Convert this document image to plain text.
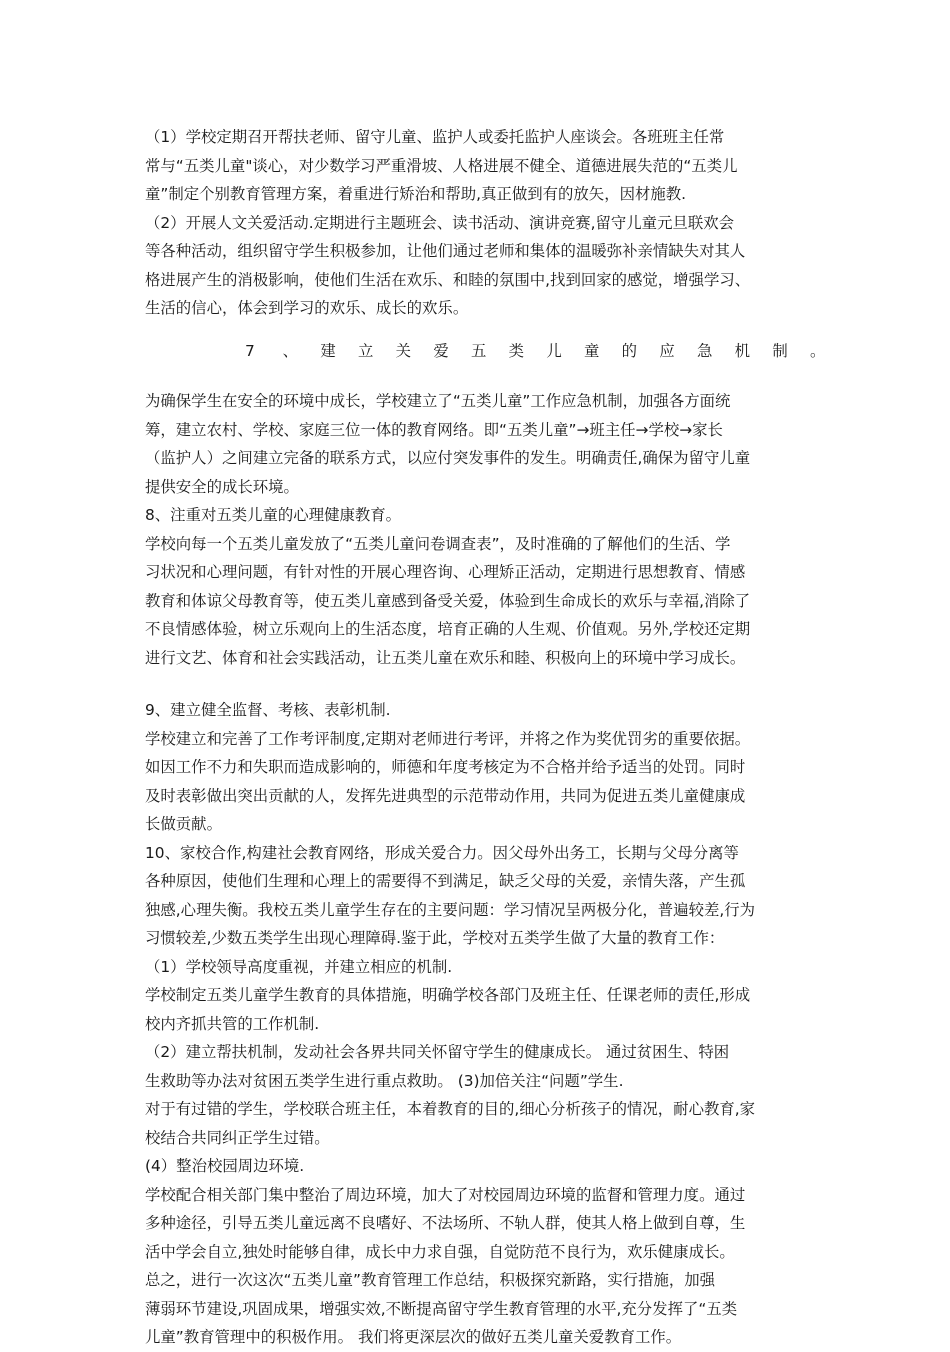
（1）学校定期召开帮扶老师、留守儿童、监护人或委托监护人座谈会。各班班主任常
常与“五类儿童"谈心，对少数学习严重滑坡、人格进展不健全、道德进展失范的“五类儿
童”制定个别教育管理方案，着重进行矫治和帮助,真正做到有的放矢，因材施教.
（2）开展人文关爱活动.定期进行主题班会、读书活动、演讲竞赛,留守儿童元旦联欢会
等各种活动，组织留守学生积极参加，让他们通过老师和集体的温暖弥补亲情缺失对其人
格进展产生的消极影响，使他们生活在欢乐、和睦的氛围中,找到回家的感觉，增强学习、
生活的信心，体会到学习的欢乐、成长的欢乐。
7 、 建 立 关 爱 五 类 儿 童 的 应 急 机 制 。
为确保学生在安全的环境中成长，学校建立了“五类儿童”工作应急机制，加强各方面统
筹，建立农村、学校、家庭三位一体的教育网络。即“五类儿童”→班主任→学校→家长
（监护人）之间建立完备的联系方式，以应付突发事件的发生。明确责任,确保为留守儿童
提供安全的成长环境。
8、注重对五类儿童的心理健康教育。
学校向每一个五类儿童发放了“五类儿童问卷调查表”，及时准确的了解他们的生活、学
习状况和心理问题，有针对性的开展心理咨询、心理矫正活动，定期进行思想教育、情感
教育和体谅父母教育等，使五类儿童感到备受关爱，体验到生命成长的欢乐与幸福,消除了
不良情感体验，树立乐观向上的生活态度，培育正确的人生观、价值观。另外,学校还定期
进行文艺、体育和社会实践活动，让五类儿童在欢乐和睦、积极向上的环境中学习成长。
9、建立健全监督、考核、表彰机制.
学校建立和完善了工作考评制度,定期对老师进行考评，并将之作为奖优罚劣的重要依据。
如因工作不力和失职而造成影响的，师德和年度考核定为不合格并给予适当的处罚。同时
及时表彰做出突出贡献的人，发挥先进典型的示范带动作用，共同为促进五类儿童健康成
长做贡献。
10、家校合作,构建社会教育网络，形成关爱合力。因父母外出务工，长期与父母分离等
各种原因，使他们生理和心理上的需要得不到满足，缺乏父母的关爱，亲情失落，产生孤
独感,心理失衡。我校五类儿童学生存在的主要问题：学习情况呈两极分化，普遍较差,行为
习惯较差,少数五类学生出现心理障碍.鉴于此，学校对五类学生做了大量的教育工作：
（1）学校领导高度重视，并建立相应的机制.
学校制定五类儿童学生教育的具体措施，明确学校各部门及班主任、任课老师的责任,形成
校内齐抓共管的工作机制.
（2）建立帮扶机制，发动社会各界共同关怀留守学生的健康成长。 通过贫困生、特困
生救助等办法对贫困五类学生进行重点救助。 (3)加倍关注“问题”学生.
对于有过错的学生，学校联合班主任，本着教育的目的,细心分析孩子的情况，耐心教育,家
校结合共同纠正学生过错。
(4）整治校园周边环境.
学校配合相关部门集中整治了周边环境，加大了对校园周边环境的监督和管理力度。通过
多种途径，引导五类儿童远离不良嗜好、不法场所、不轨人群，使其人格上做到自尊，生
活中学会自立,独处时能够自律，成长中力求自强，自觉防范不良行为，欢乐健康成长。
总之，进行一次这次“五类儿童”教育管理工作总结，积极探究新路，实行措施，加强
薄弱环节建设,巩固成果，增强实效,不断提高留守学生教育管理的水平,充分发挥了“五类
儿童”教育管理中的积极作用。 我们将更深层次的做好五类儿童关爱教育工作。
